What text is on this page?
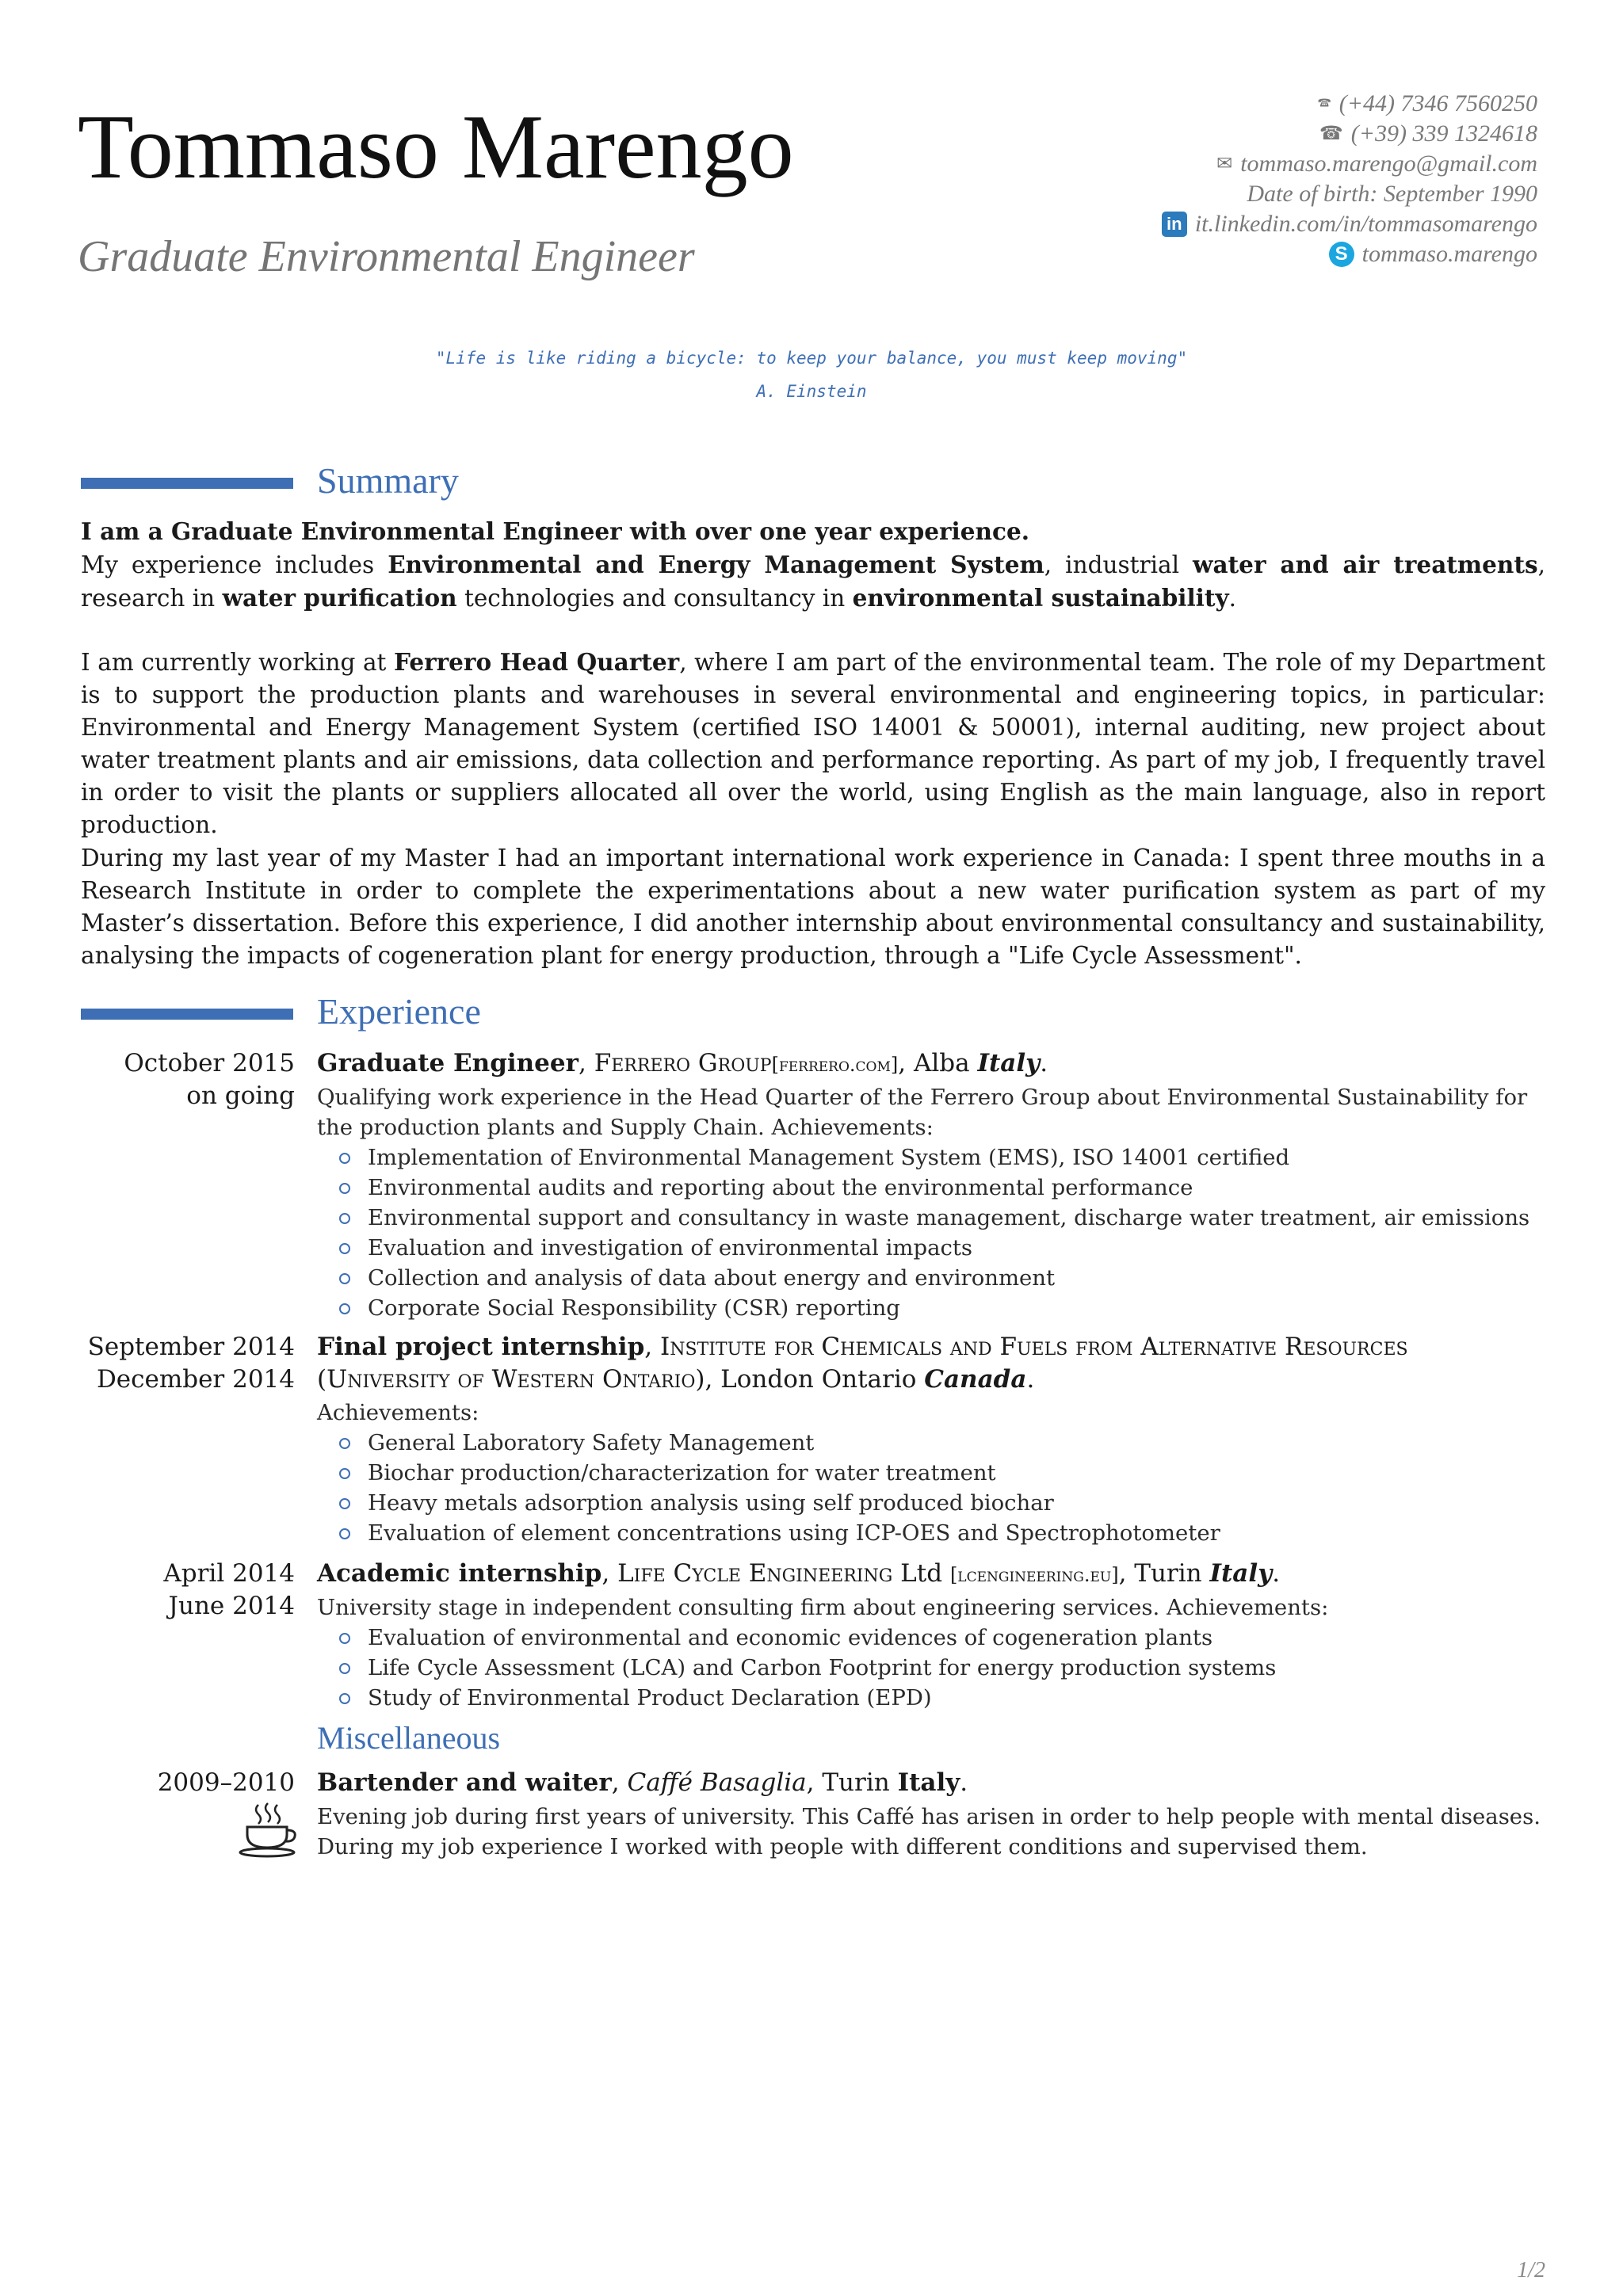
Tommaso Marengo
Graduate Environmental Engineer
🕿 (+44) 7346 7560250
☎ (+39) 339 1324618
✉ tommaso.marengo@gmail.com
Date of birth: September 1990
in it.linkedin.com/in/tommasomarengo
S tommaso.marengo
"Life is like riding a bicycle: to keep your balance, you must keep moving"
A. Einstein
Summary
I am a Graduate Environmental Engineer with over one year experience.
My experience includes Environmental and Energy Management System, industrial water and air treatments, research in water purification technologies and consultancy in environmental sustainability.
I am currently working at Ferrero Head Quarter, where I am part of the environmental team. The role of my Department is to support the production plants and warehouses in several environmental and engineering topics, in particular: Environmental and Energy Management System (certified ISO 14001 & 50001), internal auditing, new project about water treatment plants and air emissions, data collection and performance reporting. As part of my job, I frequently travel in order to visit the plants or suppliers allocated all over the world, using English as the main language, also in report production.
During my last year of my Master I had an important international work experience in Canada: I spent three mouths in a Research Institute in order to complete the experimentations about a new water purification system as part of my Master’s dissertation. Before this experience, I did another internship about environmental consultancy and sustainability, analysing the impacts of cogeneration plant for energy production, through a "Life Cycle Assessment".
Experience
October 2015
on going
Graduate Engineer, Ferrero Group[ferrero.com], Alba Italy.
Qualifying work experience in the Head Quarter of the Ferrero Group about Environmental Sustainability for the production plants and Supply Chain. Achievements:
Implementation of Environmental Management System (EMS), ISO 14001 certified
Environmental audits and reporting about the environmental performance
Environmental support and consultancy in waste management, discharge water treatment, air emissions
Evaluation and investigation of environmental impacts
Collection and analysis of data about energy and environment
Corporate Social Responsibility (CSR) reporting
September 2014
December 2014
Final project internship, Institute for Chemicals and Fuels from Alternative Resources
(University of Western Ontario), London Ontario Canada.
Achievements:
General Laboratory Safety Management
Biochar production/characterization for water treatment
Heavy metals adsorption analysis using self produced biochar
Evaluation of element concentrations using ICP-OES and Spectrophotometer
April 2014
June 2014
Academic internship, Life Cycle Engineering Ltd [lcengineering.eu], Turin Italy.
University stage in independent consulting firm about engineering services. Achievements:
Evaluation of environmental and economic evidences of cogeneration plants
Life Cycle Assessment (LCA) and Carbon Footprint for energy production systems
Study of Environmental Product Declaration (EPD)
Miscellaneous
2009–2010 Bartender and waiter, Caffé Basaglia, Turin Italy.
Evening job during first years of university. This Caffé has arisen in order to help people with mental diseases. During my job experience I worked with people with different conditions and supervised them.
1/2
